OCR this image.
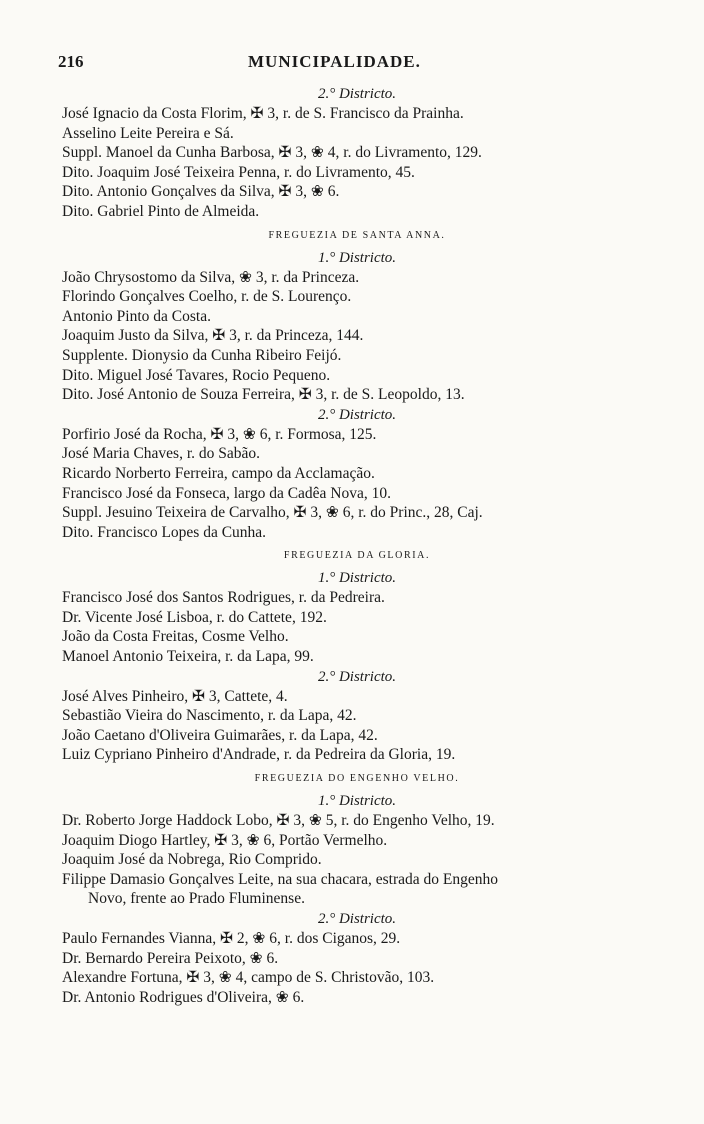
216	MUNICIPALIDADE.
2.° Districto.
José Ignacio da Costa Florim, ✠ 3, r. de S. Francisco da Prainha.
Asselino Leite Pereira e Sá.
Suppl. Manoel da Cunha Barbosa, ✠ 3, ❀ 4, r. do Livramento, 129.
Dito. Joaquim José Teixeira Penna, r. do Livramento, 45.
Dito. Antonio Gonçalves da Silva, ✠ 3, ❀ 6.
Dito. Gabriel Pinto de Almeida.
FREGUEZIA DE SANTA ANNA.
1.° Districto.
João Chrysostomo da Silva, ❀ 3, r. da Princeza.
Florindo Gonçalves Coelho, r. de S. Lourenço.
Antonio Pinto da Costa.
Joaquim Justo da Silva, ✠ 3, r. da Princeza, 144.
Supplente. Dionysio da Cunha Ribeiro Feijó.
Dito. Miguel José Tavares, Rocio Pequeno.
Dito. José Antonio de Souza Ferreira, ✠ 3, r. de S. Leopoldo, 13.
2.° Districto.
Porfirio José da Rocha, ✠ 3, ❀ 6, r. Formosa, 125.
José Maria Chaves, r. do Sabão.
Ricardo Norberto Ferreira, campo da Acclamação.
Francisco José da Fonseca, largo da Cadêa Nova, 10.
Suppl. Jesuino Teixeira de Carvalho, ✠ 3, ❀ 6, r. do Princ., 28, Caj.
Dito. Francisco Lopes da Cunha.
FREGUEZIA DA GLORIA.
1.° Districto.
Francisco José dos Santos Rodrigues, r. da Pedreira.
Dr. Vicente José Lisboa, r. do Cattete, 192.
João da Costa Freitas, Cosme Velho.
Manoel Antonio Teixeira, r. da Lapa, 99.
2.° Districto.
José Alves Pinheiro, ✠ 3, Cattete, 4.
Sebastião Vieira do Nascimento, r. da Lapa, 42.
João Caetano d'Oliveira Guimarães, r. da Lapa, 42.
Luiz Cypriano Pinheiro d'Andrade, r. da Pedreira da Gloria, 19.
FREGUEZIA DO ENGENHO VELHO.
1.° Districto.
Dr. Roberto Jorge Haddock Lobo, ✠ 3, ❀ 5, r. do Engenho Velho, 19.
Joaquim Diogo Hartley, ✠ 3, ❀ 6, Portão Vermelho.
Joaquim José da Nobrega, Rio Comprido.
Filippe Damasio Gonçalves Leite, na sua chacara, estrada do Engenho
Novo, frente ao Prado Fluminense.
2.° Districto.
Paulo Fernandes Vianna, ✠ 2, ❀ 6, r. dos Ciganos, 29.
Dr. Bernardo Pereira Peixoto, ❀ 6.
Alexandre Fortuna, ✠ 3, ❀ 4, campo de S. Christovão, 103.
Dr. Antonio Rodrigues d'Oliveira, ❀ 6.
